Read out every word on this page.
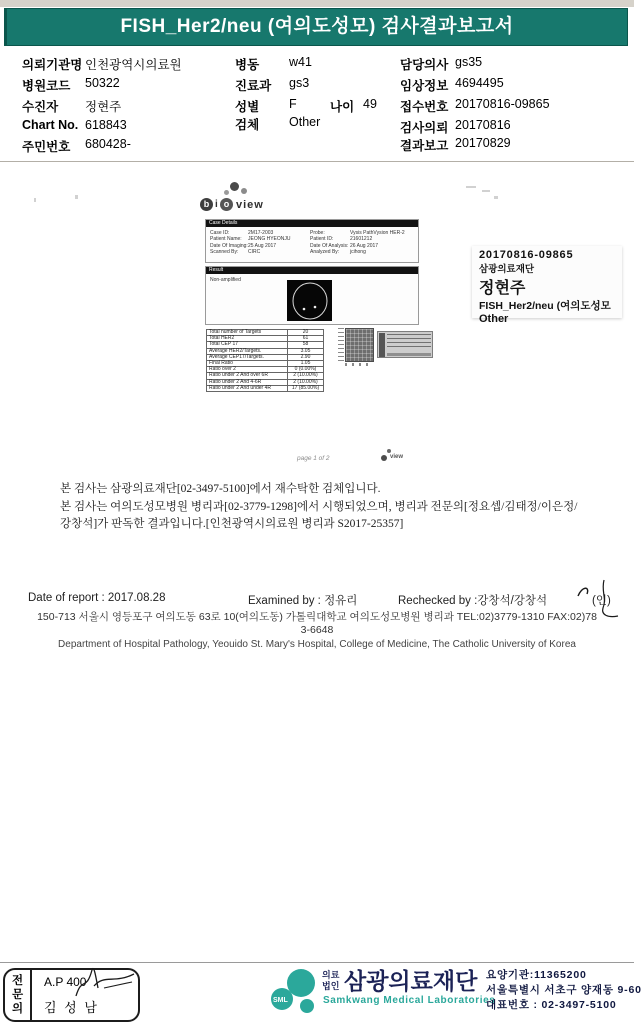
FISH_Her2/neu (여의도성모) 검사결과보고서
의뢰기관명 인천광역시의료원
병원코드 50322
수진자 정현주
Chart No. 618843
주민번호 680428-
병동 w41
진료과 gs3
성별 F	나이 49
검체 Other
담당의사 gs35
임상정보 4694495
접수번호 20170816-09865
검사의뢰 20170816
결과보고 20170829
b i o view
Case Details
Case ID:	2M17-2003	Probe:	Vysis PathVysion HER-2
Patient Name: JEONG HYEONJU	Patient ID:	21601212
Date Of Imaging: 25 Aug 2017	Date Of Analysis: 26 Aug 2017
Scanned By: CIRC	Analyzed By: jcihong
Result
Non-amplified
20170816-09865
삼광의료재단
정현주
FISH_Her2/neu (여의도성모
Other
Total number of Targets	20
Total HER2	61
Total CEP 17	58
Average HER2/Targets.	3.05
Average CEP17/Targets.	2.90
Final Ratio	1.05
Ratio over 2	0 (0.00%)
Ratio under 2 And over 6R	2 (10.00%)
Ratio under 2 And 4-6R	2 (10.00%)
Ratio under 2 And under 4R	17 (85.00%)
page 1 of 2	view
본 검사는 삼광의료재단[02-3497-5100]에서 재수탁한 검체입니다.
본 검사는 여의도성모병원 병리과[02-3779-1298]에서 시행되었으며, 병리과 전문의[정요셉/김태정/이은정/
강창석]가 판독한 결과입니다.[인천광역시의료원 병리과 S2017-25357]
Date of report : 2017.08.28	Examined by : 정유리	Rechecked by :강창석/강창석	(인)
150-713 서울시 영등포구 여의도동 63로 10(여의도동) 가톨릭대학교 여의도성모병원 병리과 TEL:02)3779-1310 FAX:02)78
3-6648
Department of Hospital Pathology, Yeouido St. Mary's Hospital, College of Medicine, The Catholic University of Korea
전문의
A.P 400
김 성 남	SML
의료
법인 삼광의료재단
Samkwang Medical Laboratories
요양기관:11365200
서울특별시 서초구 양재동 9-60
대표번호 : 02-3497-5100
